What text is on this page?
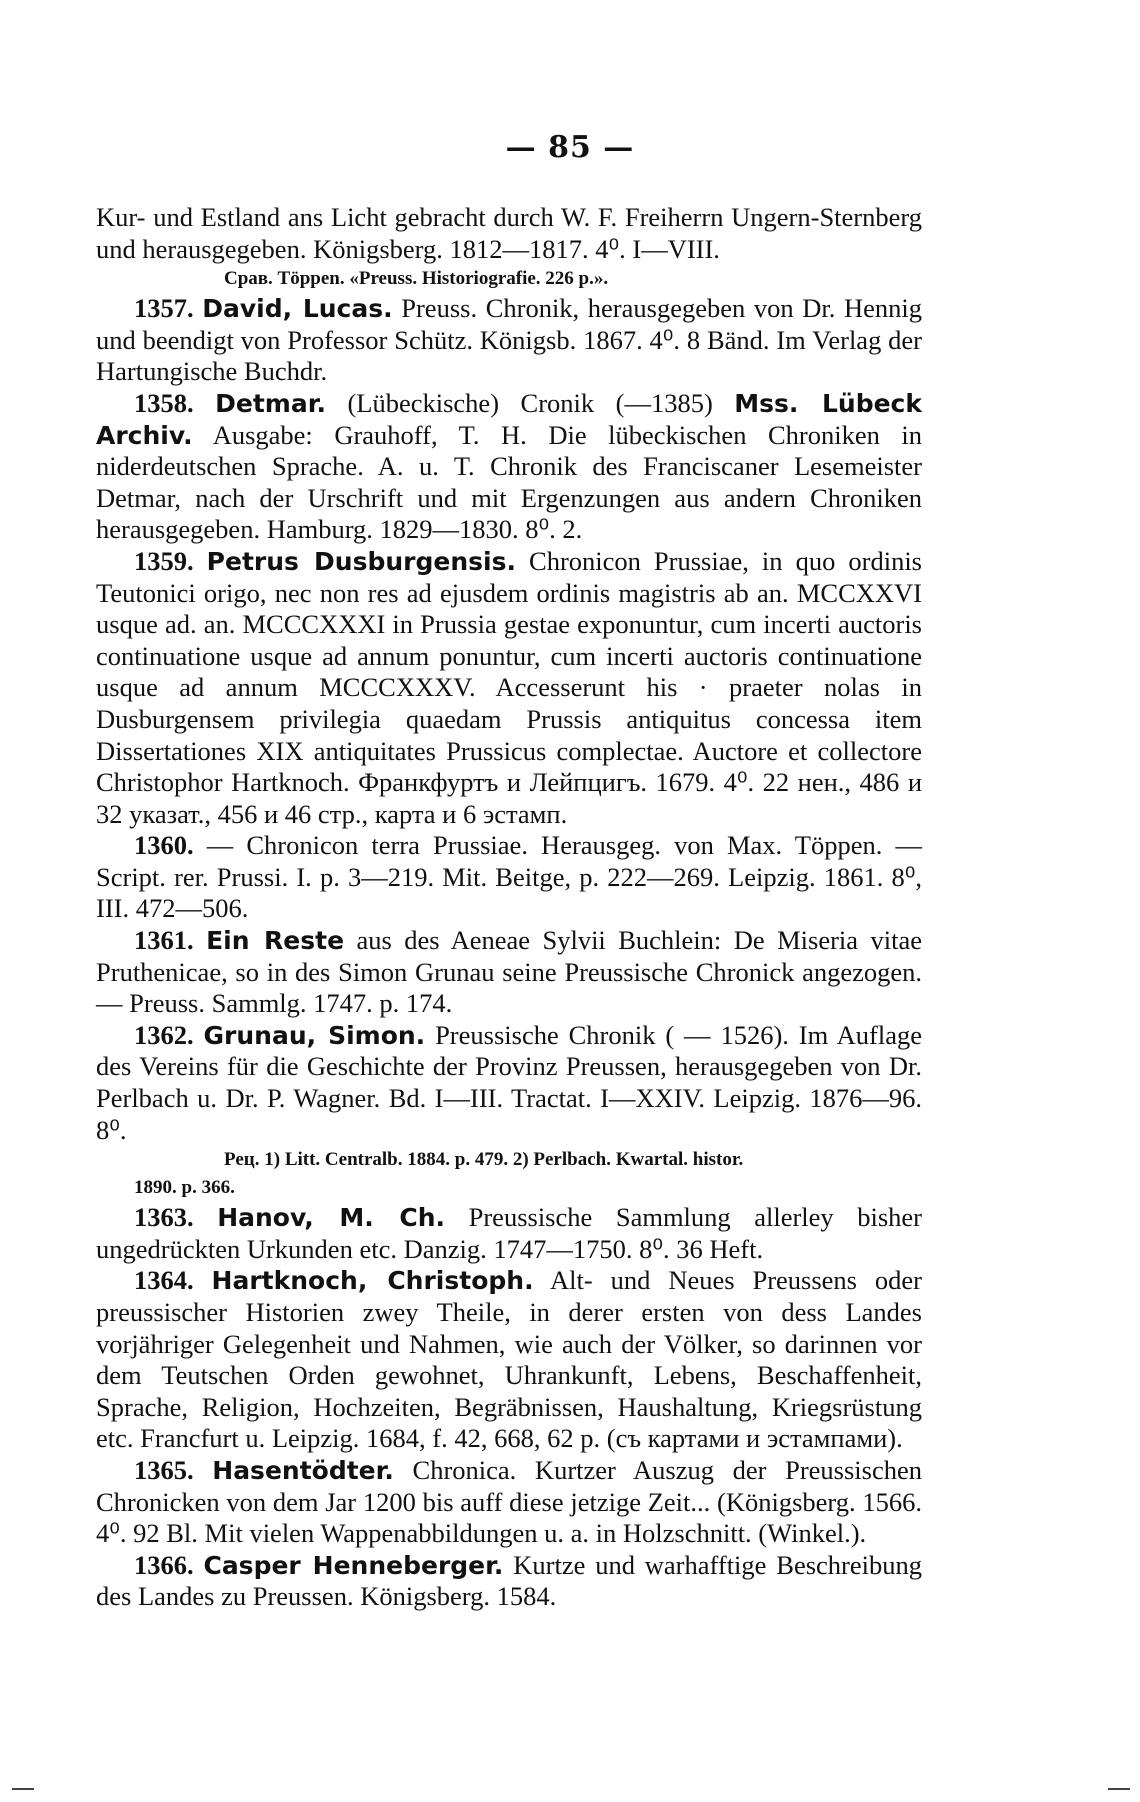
— 85 —

Kur- und Estland ans Licht gebracht durch W. F. Freiherrn Ungern-Sternberg und herausgegeben. Königsberg. 1812—1817. 4⁰. I—VIII.

Срав. Töppen. «Preuss. Historiografie. 226 p.».

1357. David, Lucas. Preuss. Chronik, herausgegeben von Dr. Hennig und beendigt von Professor Schütz. Königsb. 1867. 4⁰. 8 Bänd. Im Verlag der Hartungische Buchdr.

1358. Detmar. (Lübeckische) Cronik (—1385) Mss. Lübeck Archiv. Ausgabe: Grauhoff, T. H. Die lübeckischen Chroniken in niderdeutschen Sprache. A. u. T. Chronik des Franciscaner Lesemeister Detmar, nach der Urschrift und mit Ergenzungen aus andern Chroniken herausgegeben. Hamburg. 1829—1830. 8⁰. 2.

1359. Petrus Dusburgensis. Chronicon Prussiae, in quo ordinis Teutonici origo, nec non res ad ejusdem ordinis magistris ab an. MCCXXVI usque ad. an. MCCCXXXI in Prussia gestae exponuntur, cum incerti auctoris continuatione usque ad annum ponuntur, cum incerti auctoris continuatione usque ad annum MCCCXXXV. Accesserunt his · praeter nolas in Dusburgensem privilegia quaedam Prussis antiquitus concessa item Dissertationes XIX antiquitates Prussicus complectae. Auctore et collectore Christophor Hartknoch. Франкфуртъ и Лейпцигъ. 1679. 4⁰. 22 нен., 486 и 32 указат., 456 и 46 стр., карта и 6 эстамп.

1360. — Chronicon terra Prussiae. Herausgeg. von Max. Töppen. — Script. rer. Prussi. I. p. 3—219. Mit. Beitge, p. 222—269. Leipzig. 1861. 8⁰, III. 472—506.

1361. Ein Reste aus des Aeneae Sylvii Buchlein: De Miseria vitae Pruthenicae, so in des Simon Grunau seine Preussische Chronick angezogen. — Preuss. Sammlg. 1747. p. 174.

1362. Grunau, Simon. Preussische Chronik ( — 1526). Im Auflage des Vereins für die Geschichte der Provinz Preussen, herausgegeben von Dr. Perlbach u. Dr. P. Wagner. Bd. I—III. Tractat. I—XXIV. Leipzig. 1876—96. 8⁰.

Рец. 1) Litt. Centralb. 1884. p. 479. 2) Perlbach. Kwartal. histor.

1890. p. 366.

1363. Hanov, M. Ch. Preussische Sammlung allerley bisher ungedrückten Urkunden etc. Danzig. 1747—1750. 8⁰. 36 Heft.

1364. Hartknoch, Christoph. Alt- und Neues Preussens oder preussischer Historien zwey Theile, in derer ersten von dess Landes vorjähriger Gelegenheit und Nahmen, wie auch der Völker, so darinnen vor dem Teutschen Orden gewohnet, Uhrankunft, Lebens, Beschaffenheit, Sprache, Religion, Hochzeiten, Begräbnissen, Haushaltung, Kriegsrüstung etc. Francfurt u. Leipzig. 1684, f. 42, 668, 62 p. (съ картами и эстампами).

1365. Hasentödter. Chronica. Kurtzer Auszug der Preussischen Chronicken von dem Jar 1200 bis auff diese jetzige Zeit... (Königsberg. 1566. 4⁰. 92 Bl. Mit vielen Wappenabbildungen u. a. in Holzschnitt. (Winkel.).

1366. Casper Henneberger. Kurtze und warhafftige Beschreibung des Landes zu Preussen. Königsberg. 1584.
